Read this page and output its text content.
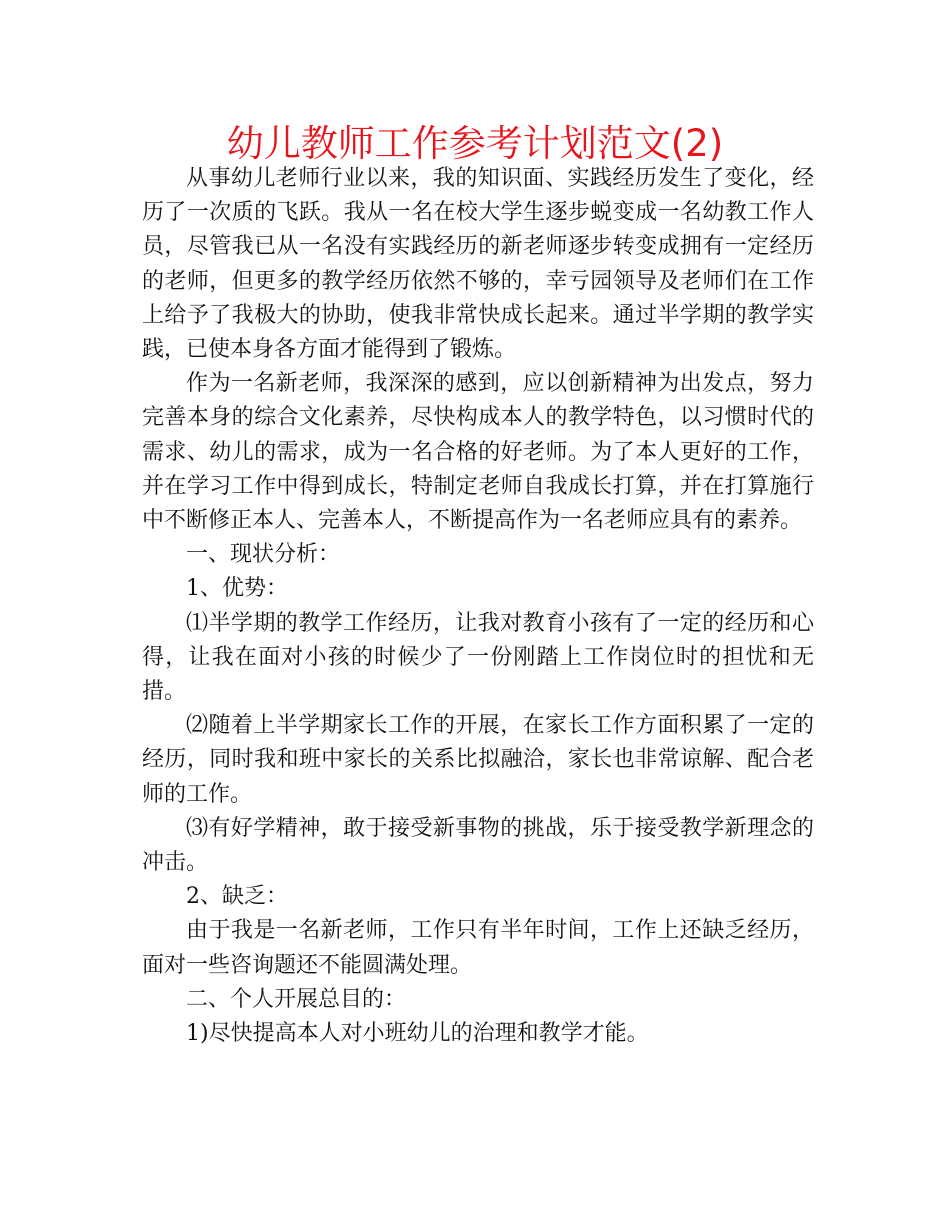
幼儿教师工作参考计划范文(2)

从事幼儿老师行业以来，我的知识面、实践经历发生了变化，经历了一次质的飞跃。我从一名在校大学生逐步蜕变成一名幼教工作人员，尽管我已从一名没有实践经历的新老师逐步转变成拥有一定经历的老师，但更多的教学经历依然不够的，幸亏园领导及老师们在工作上给予了我极大的协助，使我非常快成长起来。通过半学期的教学实践，已使本身各方面才能得到了锻炼。

作为一名新老师，我深深的感到，应以创新精神为出发点，努力完善本身的综合文化素养，尽快构成本人的教学特色，以习惯时代的需求、幼儿的需求，成为一名合格的好老师。为了本人更好的工作，并在学习工作中得到成长，特制定老师自我成长打算，并在打算施行中不断修正本人、完善本人，不断提高作为一名老师应具有的素养。

一、现状分析：

1、优势：

⑴半学期的教学工作经历，让我对教育小孩有了一定的经历和心得，让我在面对小孩的时候少了一份刚踏上工作岗位时的担忧和无措。

⑵随着上半学期家长工作的开展，在家长工作方面积累了一定的经历，同时我和班中家长的关系比拟融洽，家长也非常谅解、配合老师的工作。

⑶有好学精神，敢于接受新事物的挑战，乐于接受教学新理念的冲击。

2、缺乏：

由于我是一名新老师，工作只有半年时间，工作上还缺乏经历，面对一些咨询题还不能圆满处理。

二、个人开展总目的：

1)尽快提高本人对小班幼儿的治理和教学才能。
